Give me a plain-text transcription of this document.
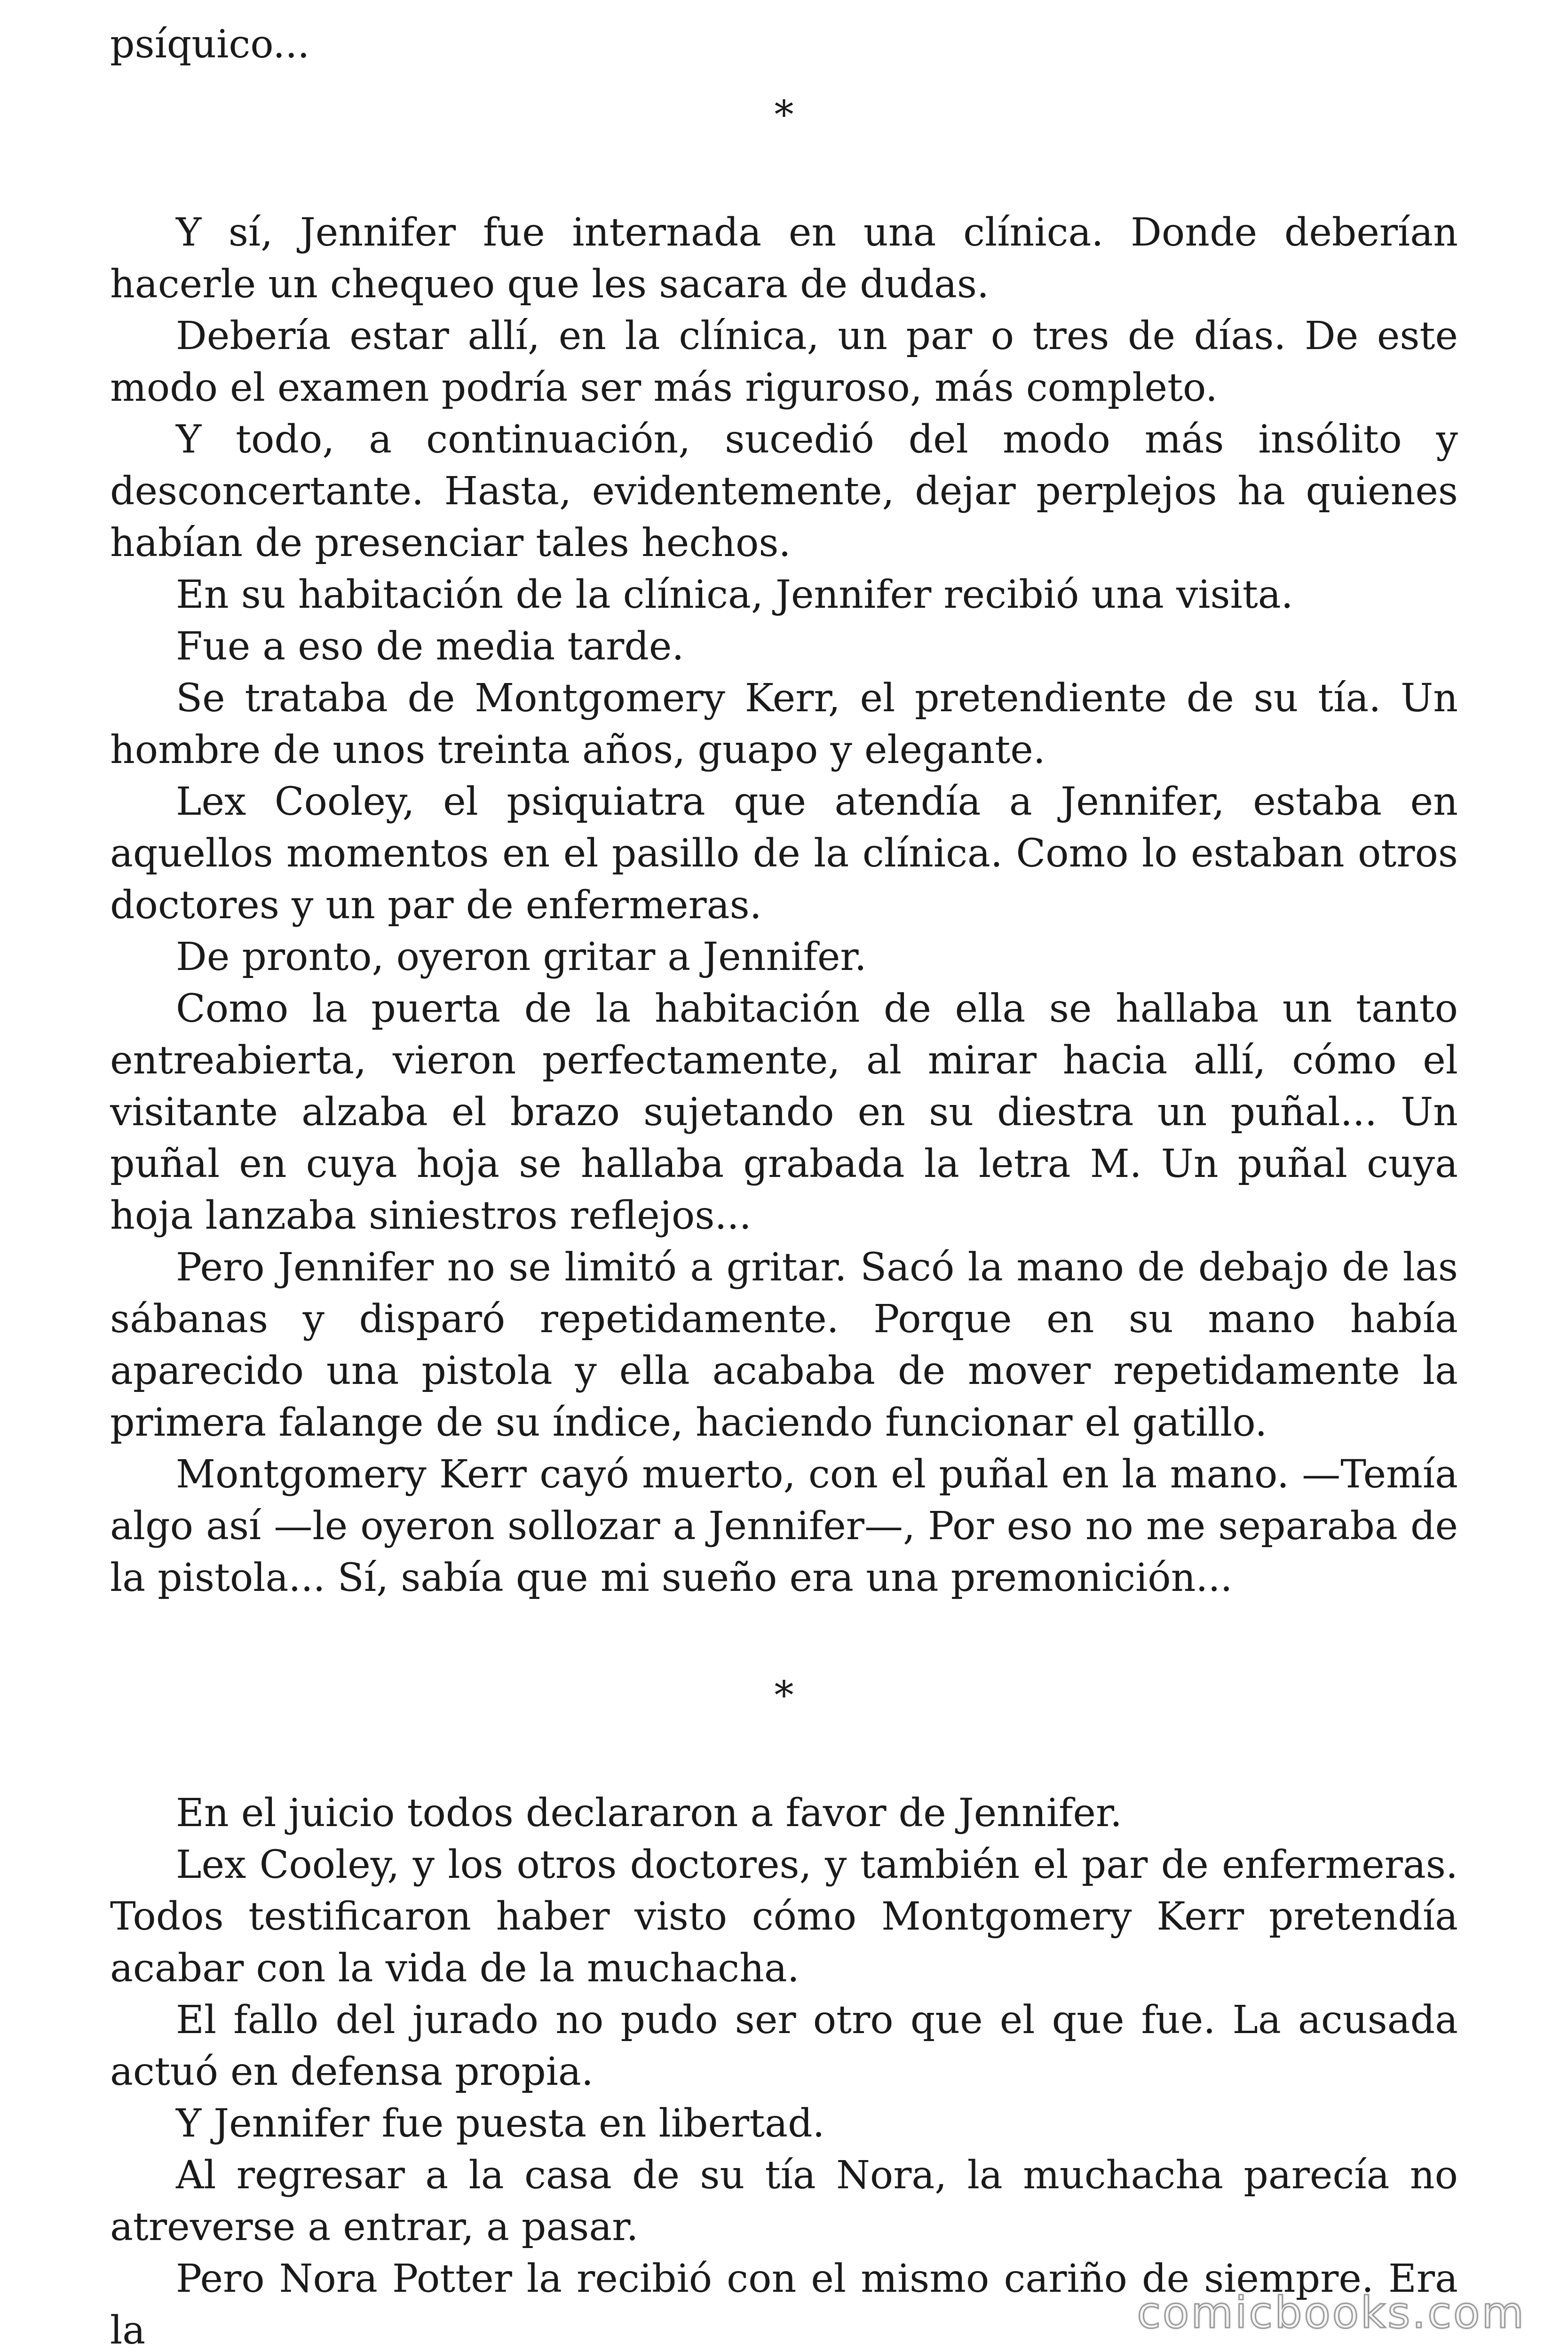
psíquico...

*

Y sí, Jennifer fue internada en una clínica. Donde deberían hacerle un chequeo que les sacara de dudas.

Debería estar allí, en la clínica, un par o tres de días. De este modo el examen podría ser más riguroso, más completo.

Y todo, a continuación, sucedió del modo más insólito y desconcertante. Hasta, evidentemente, dejar perplejos ha quienes habían de presenciar tales hechos.

En su habitación de la clínica, Jennifer recibió una visita.

Fue a eso de media tarde.

Se trataba de Montgomery Kerr, el pretendiente de su tía. Un hombre de unos treinta años, guapo y elegante.

Lex Cooley, el psiquiatra que atendía a Jennifer, estaba en aquellos momentos en el pasillo de la clínica. Como lo estaban otros doctores y un par de enfermeras.

De pronto, oyeron gritar a Jennifer.

Como la puerta de la habitación de ella se hallaba un tanto entreabierta, vieron perfectamente, al mirar hacia allí, cómo el visitante alzaba el brazo sujetando en su diestra un puñal... Un puñal en cuya hoja se hallaba grabada la letra M. Un puñal cuya hoja lanzaba siniestros reflejos...

Pero Jennifer no se limitó a gritar. Sacó la mano de debajo de las sábanas y disparó repetidamente. Porque en su mano había aparecido una pistola y ella acababa de mover repetidamente la primera falange de su índice, haciendo funcionar el gatillo.

Montgomery Kerr cayó muerto, con el puñal en la mano. —Temía algo así —le oyeron sollozar a Jennifer—, Por eso no me separaba de la pistola... Sí, sabía que mi sueño era una premonición...

*

En el juicio todos declararon a favor de Jennifer.

Lex Cooley, y los otros doctores, y también el par de enfermeras. Todos testificaron haber visto cómo Montgomery Kerr pretendía acabar con la vida de la muchacha.

El fallo del jurado no pudo ser otro que el que fue. La acusada actuó en defensa propia.

Y Jennifer fue puesta en libertad.

Al regresar a la casa de su tía Nora, la muchacha parecía no atreverse a entrar, a pasar.

Pero Nora Potter la recibió con el mismo cariño de siempre. Era la	comicbooks.com
